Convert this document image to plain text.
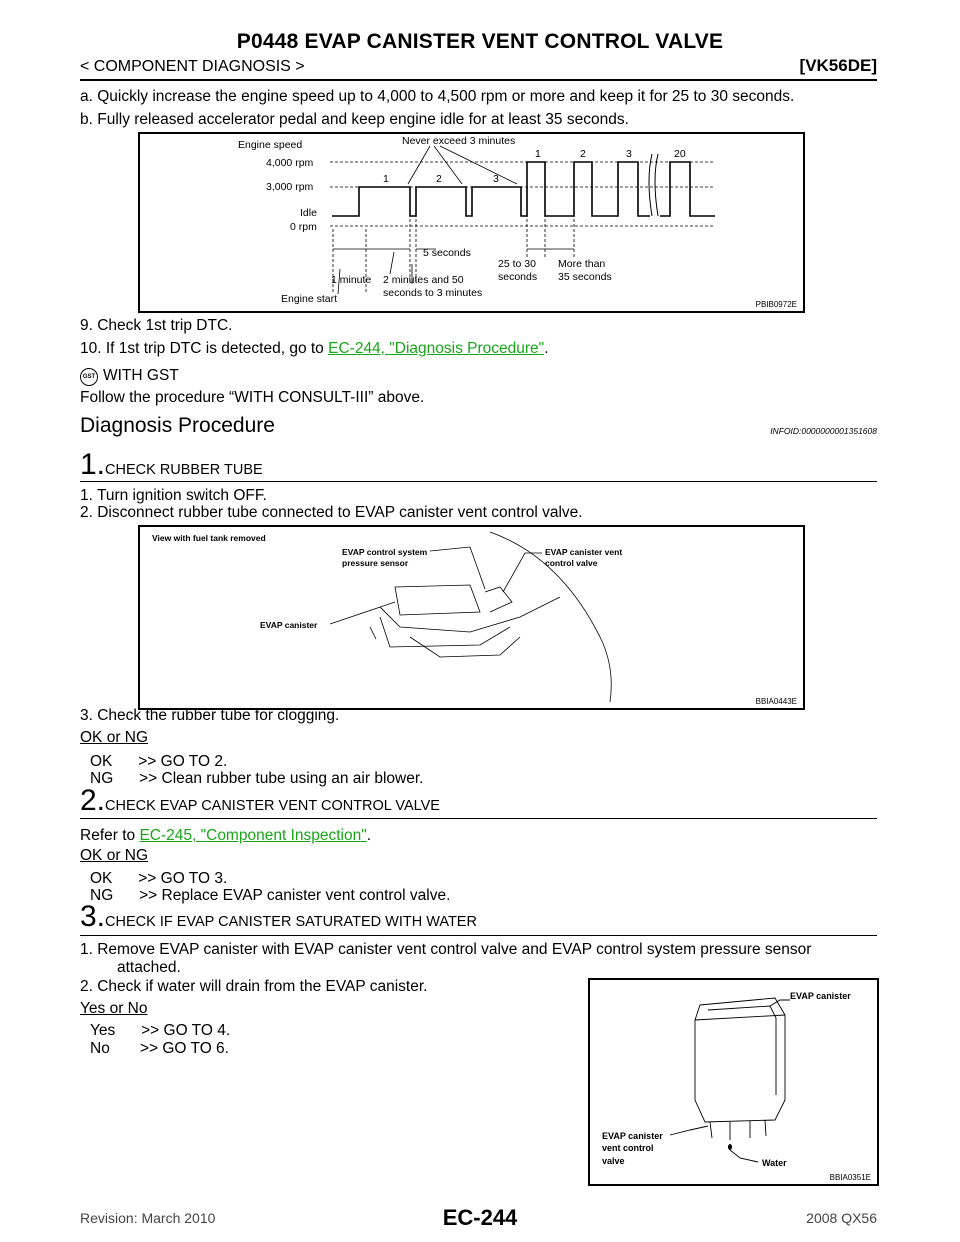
P0448 EVAP CANISTER VENT CONTROL VALVE
< COMPONENT DIAGNOSIS >	[VK56DE]
a. Quickly increase the engine speed up to 4,000 to 4,500 rpm or more and keep it for 25 to 30 seconds.
b. Fully released accelerator pedal and keep engine idle for at least 35 seconds.
Engine speed
4,000 rpm
3,000 rpm
Idle
0 rpm
1	2	3
1	2	3	20
Never exceed 3 minutes
5 seconds
1 minute 2 minutes and 50
seconds to 3 minutes
Engine start
25 to 30
seconds
More than
35 seconds
PBIB0972E
9. Check 1st trip DTC.
10. If 1st trip DTC is detected, go to EC-244, "Diagnosis Procedure".
GST WITH GST
Follow the procedure “WITH CONSULT-III” above.
Diagnosis Procedure	INFOID:0000000001351608
1.CHECK RUBBER TUBE
1. Turn ignition switch OFF.
2. Disconnect rubber tube connected to EVAP canister vent control valve.
View with fuel tank removed
EVAP control system
pressure sensor
EVAP canister vent
control valve
EVAP canister
BBIA0443E
3. Check the rubber tube for clogging.
OK or NG
OK      >> GO TO 2.
NG      >> Clean rubber tube using an air blower.
2.CHECK EVAP CANISTER VENT CONTROL VALVE
Refer to EC-245, "Component Inspection".
OK or NG
OK      >> GO TO 3.
NG      >> Replace EVAP canister vent control valve.
3.CHECK IF EVAP CANISTER SATURATED WITH WATER
1. Remove EVAP canister with EVAP canister vent control valve and EVAP control system pressure sensor
attached.
2. Check if water will drain from the EVAP canister.
Yes or No
Yes      >> GO TO 4.
No       >> GO TO 6.
EVAP canister
EVAP canister
vent control
valve	Water
BBIA0351E
Revision: March 2010	EC-244	2008 QX56
